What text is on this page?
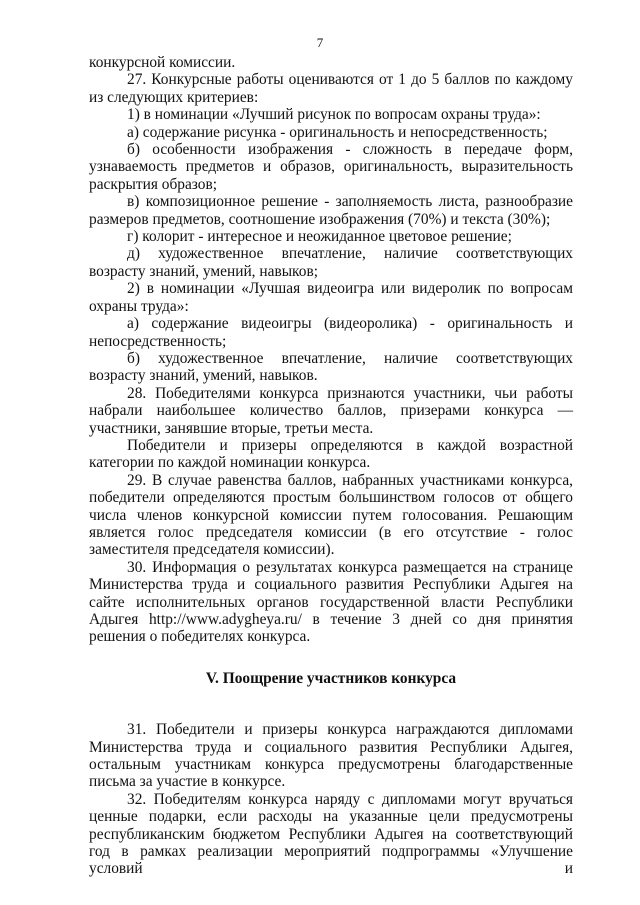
7

конкурсной комиссии.

27. Конкурсные работы оцениваются от 1 до 5 баллов по каждому из следующих критериев:

1) в номинации «Лучший рисунок по вопросам охраны труда»:

а) содержание рисунка - оригинальность и непосредственность;

б) особенности изображения - сложность в передаче форм, узнаваемость предметов и образов, оригинальность, выразительность раскрытия образов;

в) композиционное решение - заполняемость листа, разнообразие размеров предметов, соотношение изображения (70%) и текста (30%);

г) колорит - интересное и неожиданное цветовое решение;

д) художественное впечатление, наличие соответствующих возрасту знаний, умений, навыков;

2) в номинации «Лучшая видеоигра или видеролик по вопросам охраны труда»:

а) содержание видеоигры (видеоролика) - оригинальность и непосредственность;

б) художественное впечатление, наличие соответствующих возрасту знаний, умений, навыков.

28. Победителями конкурса признаются участники, чьи работы набрали наибольшее количество баллов, призерами конкурса — участники, занявшие вторые, третьи места.

Победители и призеры определяются в каждой возрастной категории по каждой номинации конкурса.

29. В случае равенства баллов, набранных участниками конкурса, победители определяются простым большинством голосов от общего числа членов конкурсной комиссии путем голосования. Решающим является голос председателя комиссии (в его отсутствие - голос заместителя председателя комиссии).

30. Информация о результатах конкурса размещается на странице Министерства труда и социального развития Республики Адыгея на сайте исполнительных органов государственной власти Республики Адыгея http://www.adygheya.ru/ в течение 3 дней со дня принятия решения о победителях конкурса.

V. Поощрение участников конкурса

31. Победители и призеры конкурса награждаются дипломами Министерства труда и социального развития Республики Адыгея, остальным участникам конкурса предусмотрены благодарственные письма за участие в конкурсе.

32. Победителям конкурса наряду с дипломами могут вручаться ценные подарки, если расходы на указанные цели предусмотрены республиканским бюджетом Республики Адыгея на соответствующий год в рамках реализации мероприятий подпрограммы «Улучшение условий и
